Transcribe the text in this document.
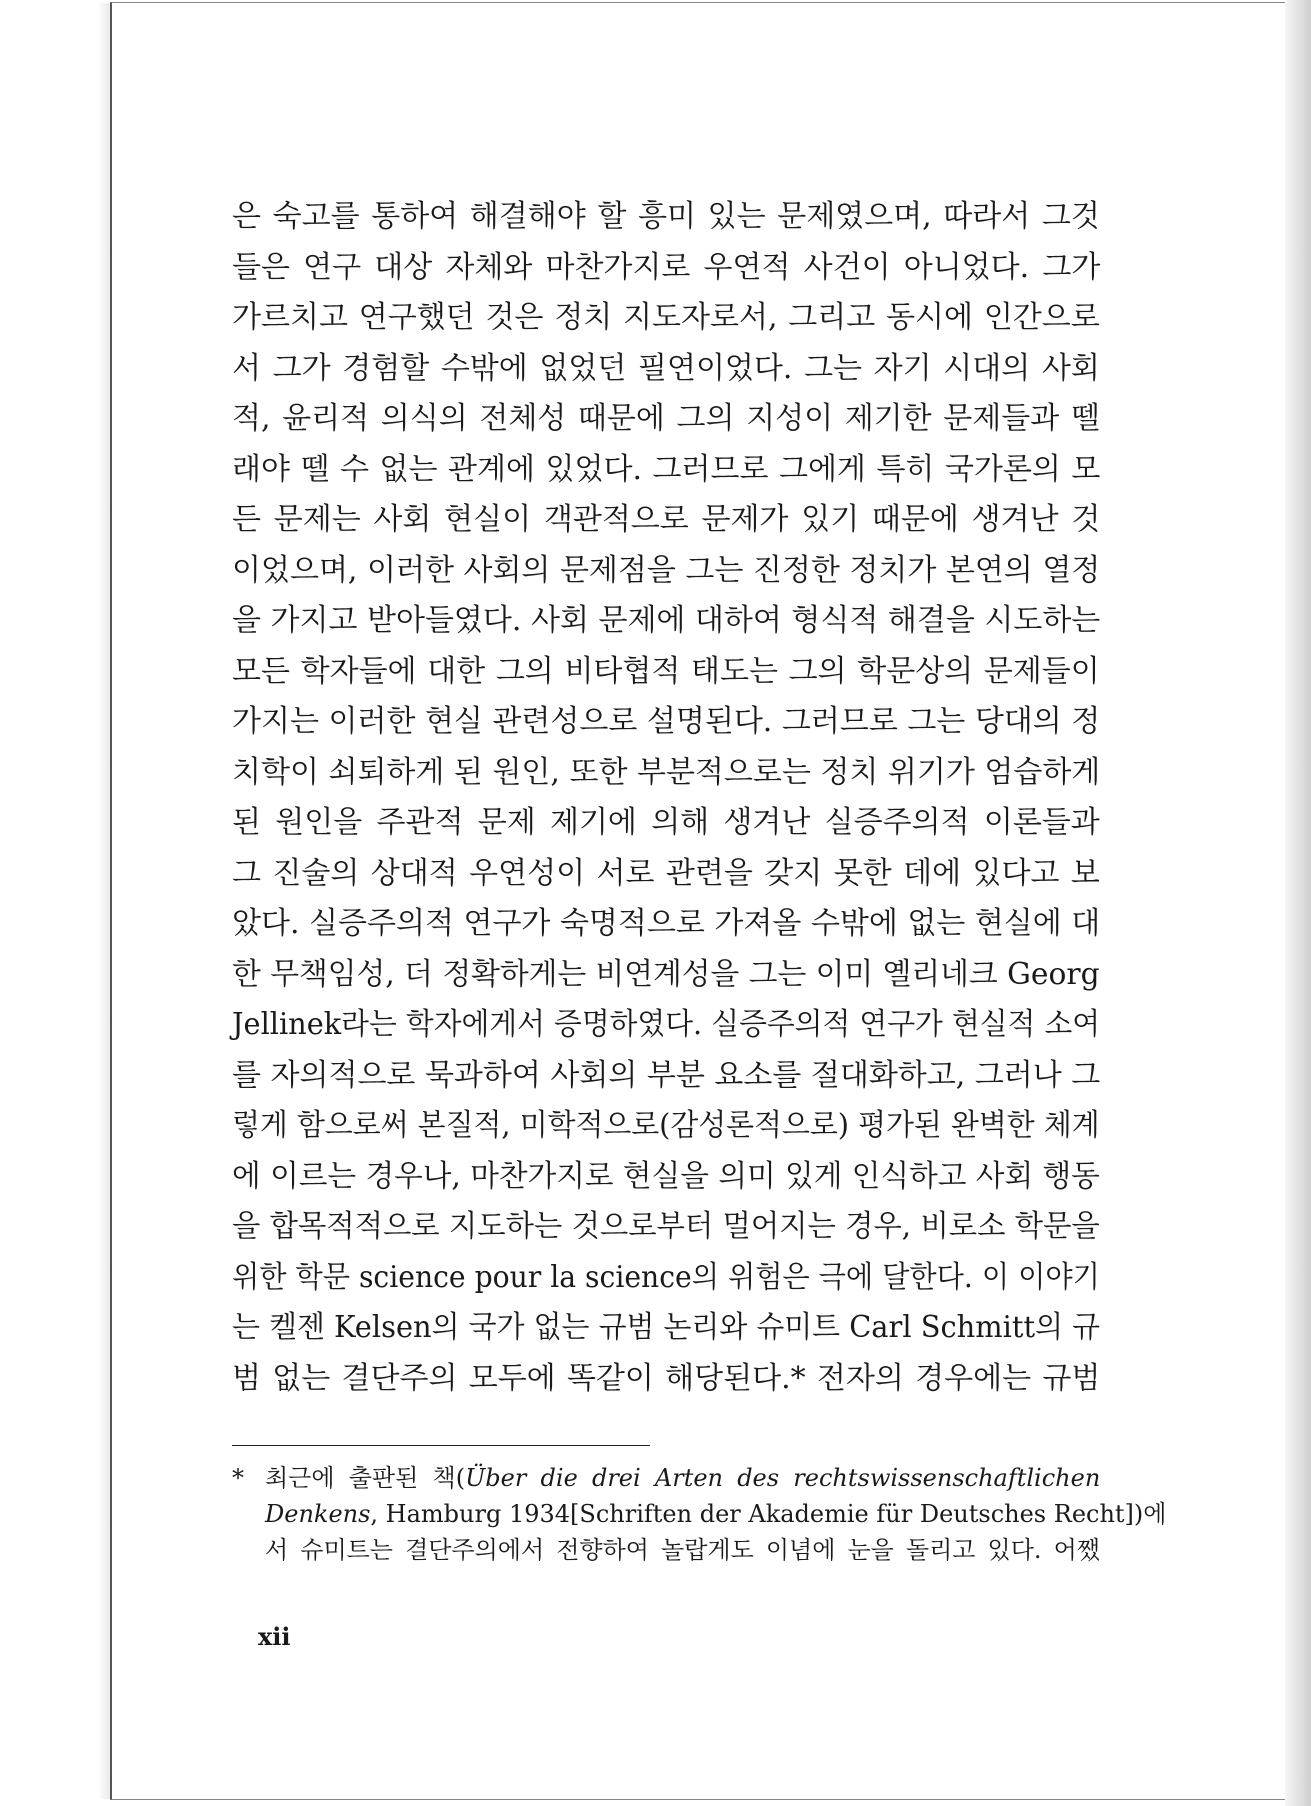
은 숙고를 통하여 해결해야 할 흥미 있는 문제였으며, 따라서 그것
들은 연구 대상 자체와 마찬가지로 우연적 사건이 아니었다. 그가
가르치고 연구했던 것은 정치 지도자로서, 그리고 동시에 인간으로
서 그가 경험할 수밖에 없었던 필연이었다. 그는 자기 시대의 사회
적, 윤리적 의식의 전체성 때문에 그의 지성이 제기한 문제들과 뗄
래야 뗄 수 없는 관계에 있었다. 그러므로 그에게 특히 국가론의 모
든 문제는 사회 현실이 객관적으로 문제가 있기 때문에 생겨난 것
이었으며, 이러한 사회의 문제점을 그는 진정한 정치가 본연의 열정
을 가지고 받아들였다. 사회 문제에 대하여 형식적 해결을 시도하는
모든 학자들에 대한 그의 비타협적 태도는 그의 학문상의 문제들이
가지는 이러한 현실 관련성으로 설명된다. 그러므로 그는 당대의 정
치학이 쇠퇴하게 된 원인, 또한 부분적으로는 정치 위기가 엄습하게
된 원인을 주관적 문제 제기에 의해 생겨난 실증주의적 이론들과
그 진술의 상대적 우연성이 서로 관련을 갖지 못한 데에 있다고 보
았다. 실증주의적 연구가 숙명적으로 가져올 수밖에 없는 현실에 대
한 무책임성, 더 정확하게는 비연계성을 그는 이미 옐리네크 Georg
Jellinek라는 학자에게서 증명하였다. 실증주의적 연구가 현실적 소여
를 자의적으로 묵과하여 사회의 부분 요소를 절대화하고, 그러나 그
렇게 함으로써 본질적, 미학적으로(감성론적으로) 평가된 완벽한 체계
에 이르는 경우나, 마찬가지로 현실을 의미 있게 인식하고 사회 행동
을 합목적적으로 지도하는 것으로부터 멀어지는 경우, 비로소 학문을
위한 학문 science pour la science의 위험은 극에 달한다. 이 이야기
는 켈젠 Kelsen의 국가 없는 규범 논리와 슈미트 Carl Schmitt의 규
범 없는 결단주의 모두에 똑같이 해당된다.* 전자의 경우에는 규범
* 최근에 출판된 책(Über die drei Arten des rechtswissenschaftlichen
Denkens, Hamburg 1934[Schriften der Akademie für Deutsches Recht])에
서 슈미트는 결단주의에서 전향하여 놀랍게도 이념에 눈을 돌리고 있다. 어쨌
xii
